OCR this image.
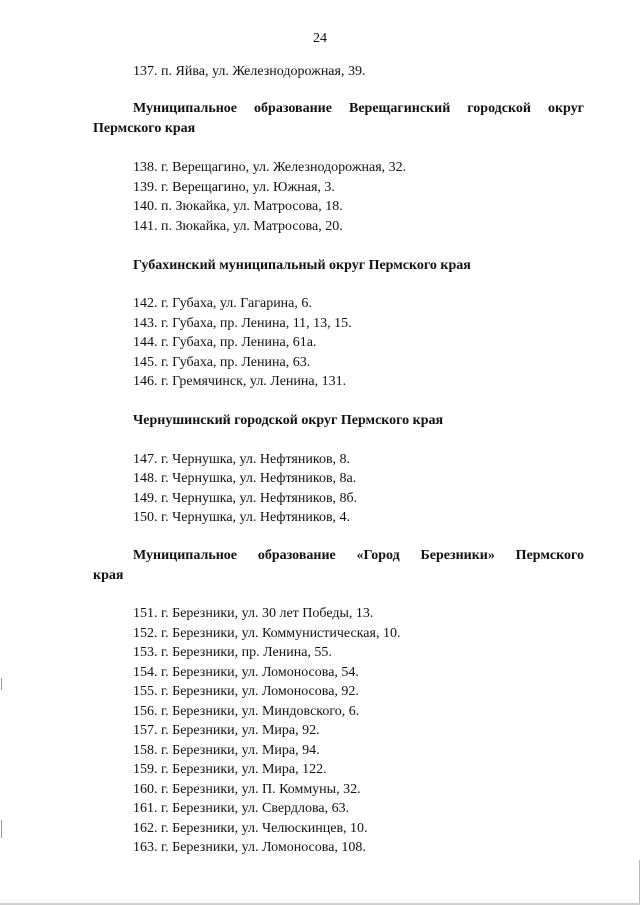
24
137. п. Яйва, ул. Железнодорожная, 39.
Муниципальное образование Верещагинский городской округ
Пермского края
138. г. Верещагино, ул. Железнодорожная, 32.
139. г. Верещагино, ул. Южная, 3.
140. п. Зюкайка, ул. Матросова, 18.
141. п. Зюкайка, ул. Матросова, 20.
Губахинский муниципальный округ Пермского края
142. г. Губаха, ул. Гагарина, 6.
143. г. Губаха, пр. Ленина, 11, 13, 15.
144. г. Губаха, пр. Ленина, 61а.
145. г. Губаха, пр. Ленина, 63.
146. г. Гремячинск, ул. Ленина, 131.
Чернушинский городской округ Пермского края
147. г. Чернушка, ул. Нефтяников, 8.
148. г. Чернушка, ул. Нефтяников, 8а.
149. г. Чернушка, ул. Нефтяников, 8б.
150. г. Чернушка, ул. Нефтяников, 4.
Муниципальное образование «Город Березники» Пермского
края
151. г. Березники, ул. 30 лет Победы, 13.
152. г. Березники, ул. Коммунистическая, 10.
153. г. Березники, пр. Ленина, 55.
154. г. Березники, ул. Ломоносова, 54.
155. г. Березники, ул. Ломоносова, 92.
156. г. Березники, ул. Миндовского, 6.
157. г. Березники, ул. Мира, 92.
158. г. Березники, ул. Мира, 94.
159. г. Березники, ул. Мира, 122.
160. г. Березники, ул. П. Коммуны, 32.
161. г. Березники, ул. Свердлова, 63.
162. г. Березники, ул. Челюскинцев, 10.
163. г. Березники, ул. Ломоносова, 108.
